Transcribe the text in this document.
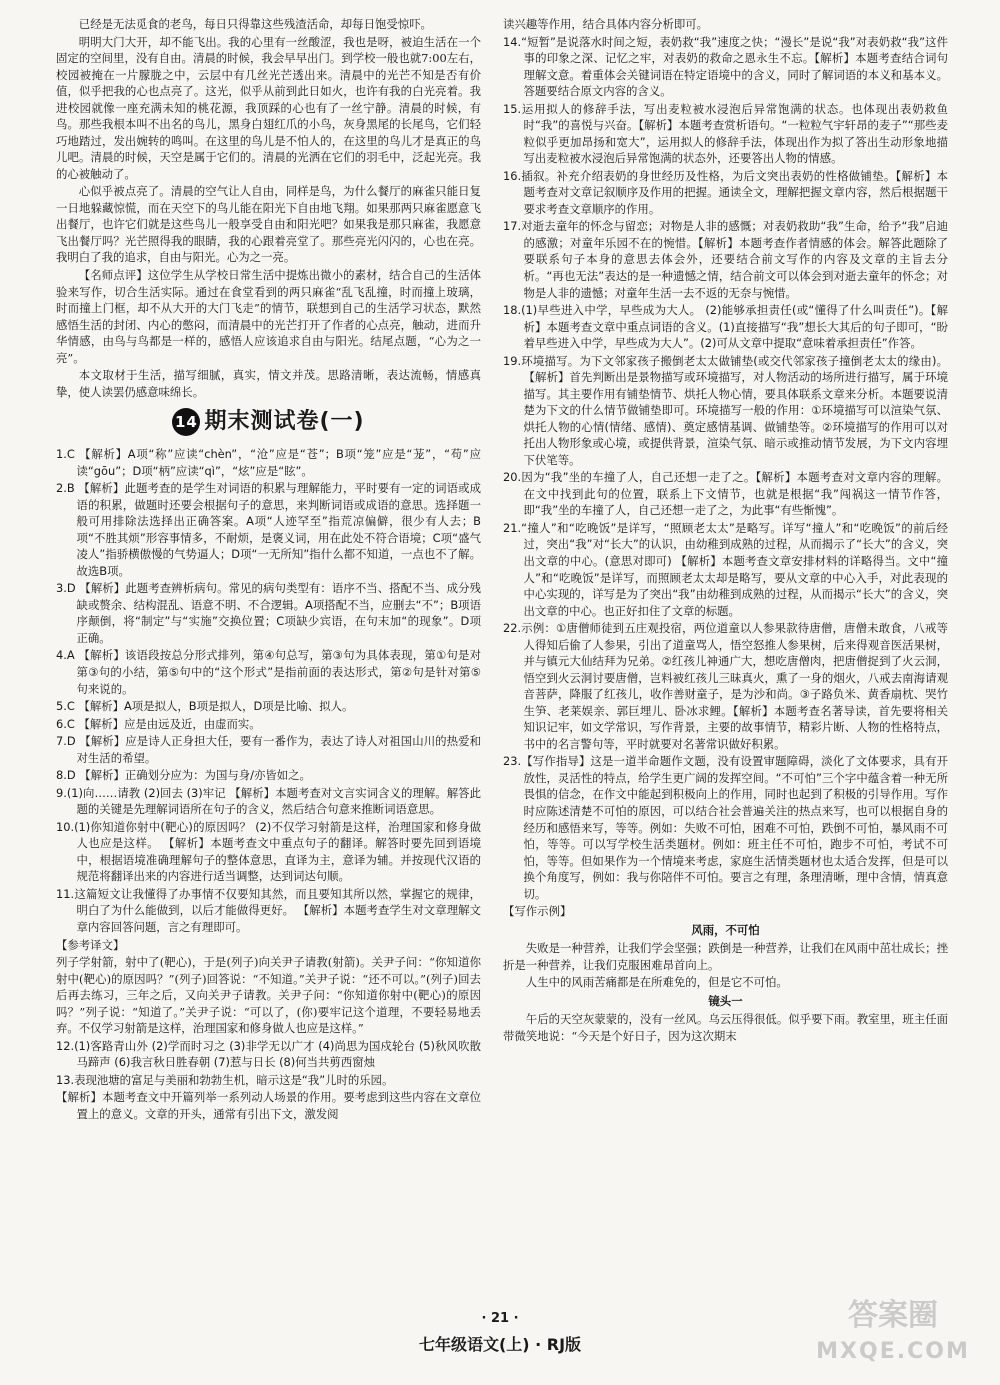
已经是无法觅食的老鸟，每日只得靠这些残渣活命，却每日饱受惊吓。
明明大门大开，却不能飞出。我的心里有一丝酸涩，我也是呀，被迫生活在一个固定的空间里，没有自由。清晨的时候，我会早早出门。到学校一般也就7:00左右，校园被掩在一片朦胧之中，云层中有几丝光芒透出来。清晨中的光芒不知是否有价值，似乎把我的心也点亮了。这光，似乎从前到此日如火，也许有我的白光亮着。我进校园就像一座充满未知的桃花源，我顶踩的心也有了一丝宁静。清晨的时候，有鸟。那些我根本叫不出名的鸟儿，黑身白翅红爪的小鸟，灰身黑尾的长尾鸟，它们轻巧地踏过，发出婉转的鸣叫。在这里的鸟儿是不怕人的，在这里的鸟儿才是真正的鸟儿吧。清晨的时候，天空是属于它们的。清晨的光洒在它们的羽毛中，泛起光亮。我的心被触动了。
心似乎被点亮了。清晨的空气让人自由，同样是鸟，为什么餐厅的麻雀只能日复一日地躲藏惊慌，而在天空下的鸟儿能在阳光下自由地飞翔。如果那两只麻雀愿意飞出餐厅，也许它们就是这些鸟儿一般享受自由和阳光吧？如果我是那只麻雀，我愿意飞出餐厅吗？光芒照得我的眼睛，我的心跟着亮堂了。那些亮光闪闪的，心也在亮。我明白了我的追求，自由与阳光。心为之一亮。
【名师点评】这位学生从学校日常生活中提炼出微小的素材，结合自己的生活体验来写作，切合生活实际。通过在食堂看到的两只麻雀“乱飞乱撞，时而撞上玻璃，时而撞上门框，却不从大开的大门飞走”的情节，联想到自己的生活学习状态，默然感悟生活的封闭、内心的憋闷，而清晨中的光芒打开了作者的心点亮，触动，进而升华情感，由鸟与鸟都是一样的，感悟人应该追求自由与阳光。结尾点题，“心为之一亮”。
本文取材于生活，描写细腻，真实，情文并茂。思路清晰，表达流畅，情感真挚，使人读罢仍感意味绵长。
14 期末测试卷(一)
1.C 【解析】A项“称”应读“chèn”，“沧”应是“苍”；B项“笼”应是“茏”，“苟”应读“gōu”；D项“柄”应读“qì”，“炫”应是“眩”。
2.B 【解析】此题考查的是学生对词语的积累与理解能力，平时要有一定的词语或成语的积累，做题时还要会根据句子的意思，来判断词语或成语的意思。选择题一般可用排除法选择出正确答案。A项“人迹罕至”指荒凉偏僻，很少有人去；B项“不胜其烦”形容事情多，不耐烦，是褒义词，用在此处不符合语境；C项“盛气凌人”指骄横傲慢的气势逼人；D项“一无所知”指什么都不知道，一点也不了解。故选B项。
3.D 【解析】此题考查辨析病句。常见的病句类型有：语序不当、搭配不当、成分残缺或赘余、结构混乱、语意不明、不合逻辑。A项搭配不当，应删去“不”；B项语序颠倒，将“制定”与“实施”交换位置；C项缺少宾语，在句末加“的现象”。D项正确。
4.A 【解析】该语段按总分形式排列，第④句总写，第③句为具体表现，第①句是对第③句的小结，第⑤句中的“这个形式”是指前面的表达形式，第②句是针对第⑤句来说的。
5.C 【解析】A项是拟人，B项是拟人，D项是比喻、拟人。
6.C 【解析】应是由远及近，由虚而实。
7.D 【解析】应是诗人正身担大任，要有一番作为，表达了诗人对祖国山川的热爱和对生活的希望。
8.D 【解析】正确划分应为：为国与身/亦皆如之。
9.(1)向……请教 (2)回去 (3)牢记 【解析】本题考查对文言实词含义的理解。解答此题的关键是先理解词语所在句子的含义，然后结合句意来推断词语意思。
10.(1)你知道你射中(靶心)的原因吗？ (2)不仅学习射箭是这样，治理国家和修身做人也应是这样。 【解析】本题考查文中重点句子的翻译。解答时要先回到语境中，根据语境准确理解句子的整体意思，直译为主，意译为辅。并按现代汉语的规范将翻译出来的内容进行适当调整，达到词达句顺。
11.这篇短文让我懂得了办事情不仅要知其然，而且要知其所以然，掌握它的规律，明白了为什么能做到，以后才能做得更好。 【解析】本题考查学生对文章理解文章内容回答问题，言之有理即可。
【参考译文】
列子学射箭，射中了(靶心)，于是(列子)向关尹子请教(射箭)。关尹子问：“你知道你射中(靶心)的原因吗？”(列子)回答说：“不知道。”关尹子说：“还不可以。”(列子)回去后再去练习，三年之后，又向关尹子请教。关尹子问：“你知道你射中(靶心)的原因吗？”列子说：“知道了。”关尹子说：“可以了，(你)要牢记这个道理，不要轻易地丢弃。不仅学习射箭是这样，治理国家和修身做人也应是这样。”
12.(1)客路青山外 (2)学而时习之 (3)非学无以广才 (4)尚思为国戍轮台 (5)秋风吹散马蹄声 (6)我言秋日胜春朝 (7)惹与日长 (8)何当共剪西窗烛
13.表现池塘的富足与美丽和勃勃生机，暗示这是“我”儿时的乐园。
【解析】本题考查文中开篇列举一系列动人场景的作用。要考虑到这些内容在文章位置上的意义。文章的开头，通常有引出下文，激发阅
读兴趣等作用，结合具体内容分析即可。
14.“短暂”是说落水时间之短，表奶救“我”速度之快；“漫长”是说“我”对表奶救“我”这件事的印象之深、记忆之牢，对表奶的救命之恩永生不忘。【解析】本题考查结合词句理解文意。着重体会关键词语在特定语境中的含义，同时了解词语的本义和基本义。答题要结合原文内容的含义。
15.运用拟人的修辞手法，写出麦粒被水浸泡后异常饱满的状态。也体现出表奶救鱼时“我”的喜悦与兴奋。【解析】本题考查赏析语句。“一粒粒气宇轩昂的麦子”“那些麦粒似乎更加昂扬和宽大”，运用拟人的修辞手法，体现出作为拟了答出生动形象地描写出麦粒被水浸泡后异常饱满的状态外，还要答出人物的情感。
16.插叙。补充介绍表奶的身世经历及性格，为后文突出表奶的性格做铺垫。【解析】本题考查对文章记叙顺序及作用的把握。通读全文，理解把握文章内容，然后根据题干要求考查文章顺序的作用。
17.对逝去童年的怀念与留恋；对物是人非的感慨；对表奶救助“我”生命，给予“我”启迪的感激；对童年乐园不在的惋惜。【解析】本题考查作者情感的体会。解答此题除了要联系句子本身的意思去体会外，还要结合前文写作的内容及文章的主旨去分析。“再也无法”表达的是一种遗憾之情，结合前文可以体会到对逝去童年的怀念；对物是人非的遗憾；对童年生活一去不返的无奈与惋惜。
18.(1)早些进入中学，早些成为大人。 (2)能够承担责任(或“懂得了什么叫责任”)。【解析】本题考查文章中重点词语的含义。(1)直接描写“我”想长大其后的句子即可，“盼着早些进入中学，早些成为大人”。(2)可从文章中提取“意味着承担责任”作答。
19.环境描写。为下文邻家孩子搬倒老太太做铺垫(或交代邻家孩子撞倒老太太的缘由)。【解析】首先判断出是景物描写或环境描写，对人物活动的场所进行描写，属于环境描写。其主要作用有铺垫情节、烘托人物心情，要具体联系文章来分析。本题要说清楚为下文的什么情节做铺垫即可。环境描写一般的作用：①环境描写可以渲染气氛、烘托人物的心情(情绪、感情)、奠定感情基调、做铺垫等。②环境描写的作用可以对托出人物形象或心境，或提供背景，渲染气氛、暗示或推动情节发展，为下文内容埋下伏笔等。
20.因为“我”坐的车撞了人，自己还想一走了之。【解析】本题考查对文章内容的理解。在文中找到此句的位置，联系上下文情节，也就是根据“我”闯祸这一情节作答，即“我”坐的车撞了人，自己还想一走了之，为此事“有些惭愧”。
21.“撞人”和“吃晚饭”是详写，“照顾老太太”是略写。详写“撞人”和“吃晚饭”的前后经过，突出“我”对“长大”的认识，由幼稚到成熟的过程，从而揭示了“长大”的含义，突出文章的中心。(意思对即可) 【解析】本题考查文章安排材料的详略得当。文中“撞人”和“吃晚饭”是详写，而照顾老太太却是略写，要从文章的中心入手，对此表现的中心实现的，详写是为了突出“我”由幼稚到成熟的过程，从而揭示“长大”的含义，突出文章的中心。也正好扣住了文章的标题。
22.示例：①唐僧师徒到五庄观投宿，两位道童以人参果款待唐僧，唐僧未敢食，八戒等人得知后偷了人参果，引出了道童骂人，悟空怒推人参果树，后来得观音医活果树，并与镇元大仙结拜为兄弟。②红孩儿神通广大，想吃唐僧肉，把唐僧捉到了火云洞，悟空到火云洞讨要唐僧，岂料被红孩儿三昧真火，熏了一身的烟火，八戒去南海请观音菩萨，降服了红孩儿，收作善财童子，是为沙和尚。③子路负米、黄香扇枕、哭竹生笋、老莱娱亲、郭巨埋儿、卧冰求鲤。【解析】本题考查名著导读，首先要将相关知识记牢，如文学常识，写作背景，主要的故事情节，精彩片断、人物的性格特点，书中的名言警句等，平时就要对名著常识做好积累。
23.【写作指导】这是一道半命题作文题，没有设置审题障碍，淡化了文体要求，具有开放性，灵活性的特点，给学生更广阔的发挥空间。“不可怕”三个字中蕴含着一种无所畏惧的信念，在作文中能起到积极向上的作用，同时也起到了积极的引导作用。写作时应陈述清楚不可怕的原因，可以结合社会普遍关注的热点来写，也可以根据自身的经历和感悟来写，等等。例如：失败不可怕，困难不可怕，跌倒不可怕，暴风雨不可怕，等等。可以写学校生活类题材。例如：班主任不可怕，跑步不可怕，考试不可怕，等等。但如果作为一个情境来考虑，家庭生活情类题材也太适合发挥，但是可以换个角度写，例如：我与你陪伴不可怕。要言之有理，条理清晰，理中含情，情真意切。
【写作示例】
风雨，不可怕
失败是一种营养，让我们学会坚强；跌倒是一种营养，让我们在风雨中茁壮成长；挫折是一种营养，让我们克服困难昂首向上。
人生中的风雨苦痛都是在所难免的，但是它不可怕。
镜头一
午后的天空灰蒙蒙的，没有一丝风。乌云压得很低。似乎要下雨。教室里，班主任面带微笑地说：“今天是个好日子，因为这次期末
· 21 ·
七年级语文(上) · RJ版
答案圈
MXQE.COM
